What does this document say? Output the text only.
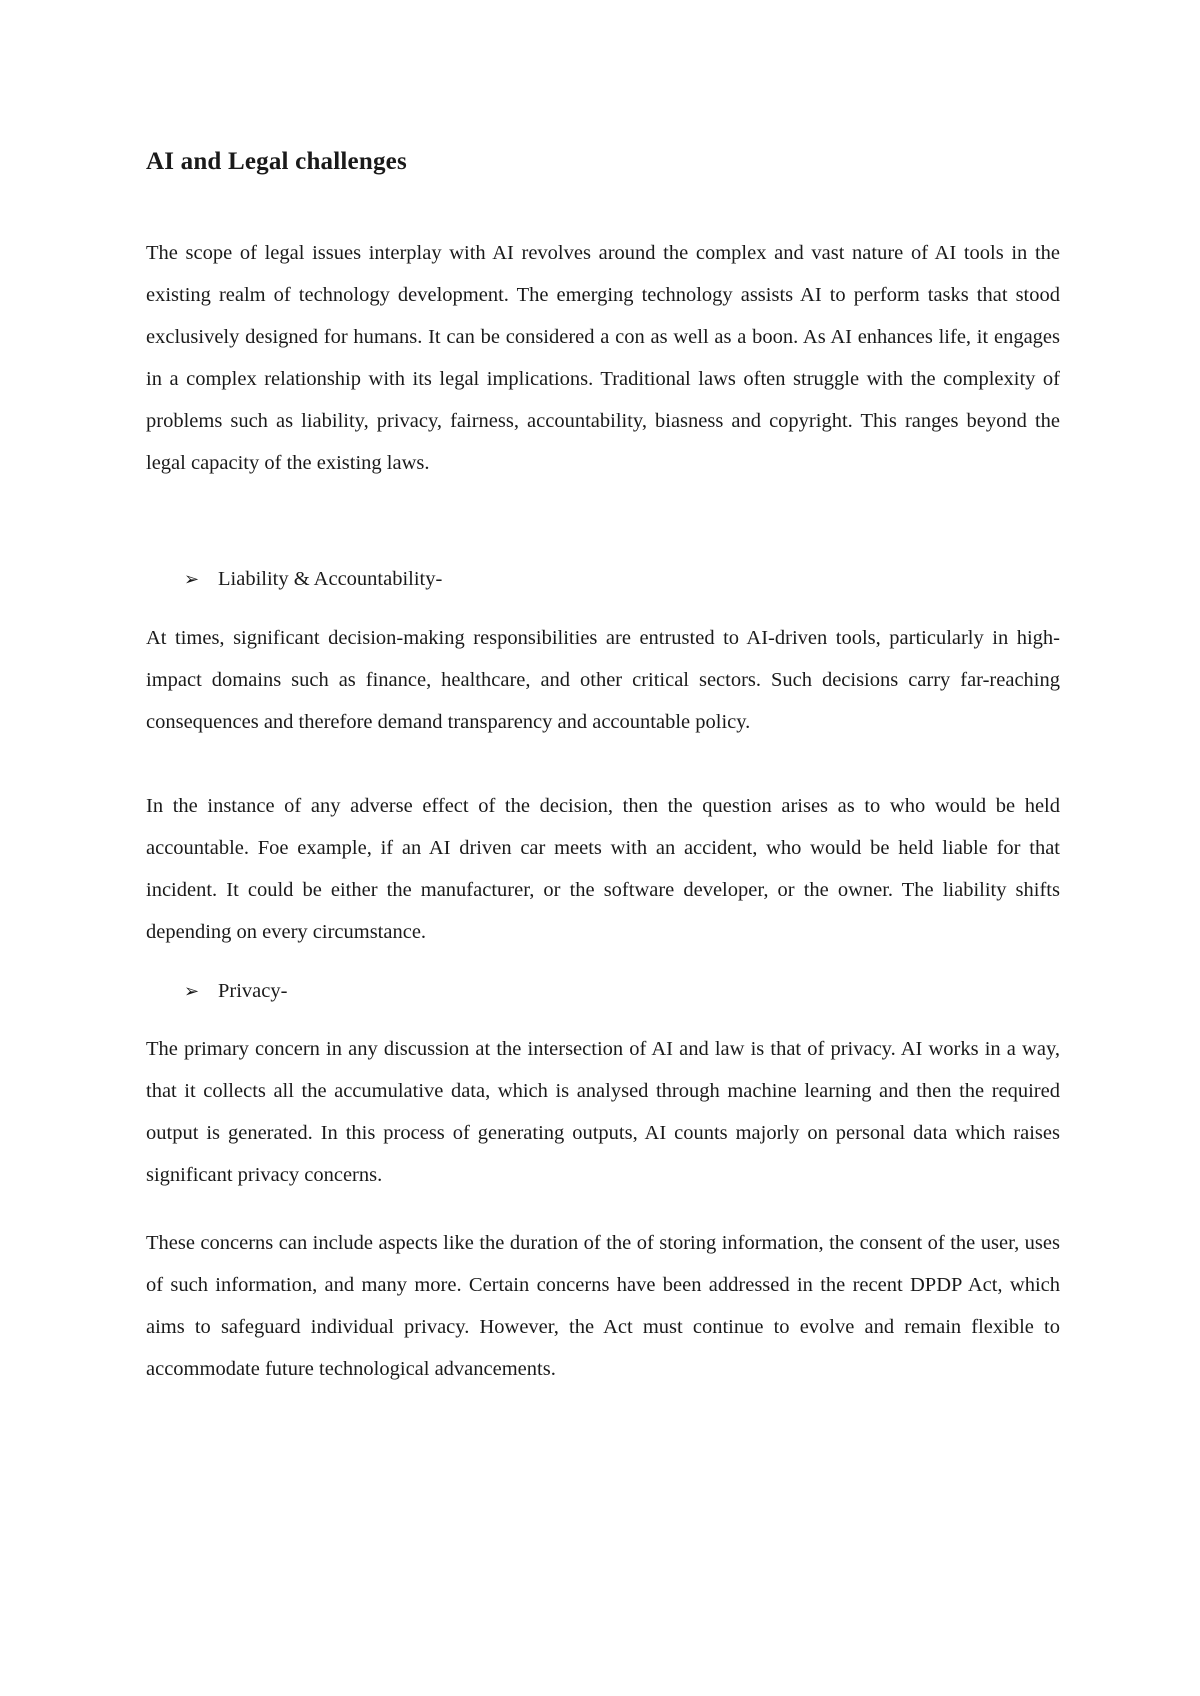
AI and Legal challenges

The scope of legal issues interplay with AI revolves around the complex and vast nature of AI tools in the existing realm of technology development. The emerging technology assists AI to perform tasks that stood exclusively designed for humans. It can be considered a con as well as a boon. As AI enhances life, it engages in a complex relationship with its legal implications. Traditional laws often struggle with the complexity of problems such as liability, privacy, fairness, accountability, biasness and copyright. This ranges beyond the legal capacity of the existing laws.

➢ Liability & Accountability-

At times, significant decision-making responsibilities are entrusted to AI-driven tools, particularly in high-impact domains such as finance, healthcare, and other critical sectors. Such decisions carry far-reaching consequences and therefore demand transparency and accountable policy.

In the instance of any adverse effect of the decision, then the question arises as to who would be held accountable. Foe example, if an AI driven car meets with an accident, who would be held liable for that incident. It could be either the manufacturer, or the software developer, or the owner. The liability shifts depending on every circumstance.

➢ Privacy-

The primary concern in any discussion at the intersection of AI and law is that of privacy. AI works in a way, that it collects all the accumulative data, which is analysed through machine learning and then the required output is generated. In this process of generating outputs, AI counts majorly on personal data which raises significant privacy concerns.

These concerns can include aspects like the duration of the of storing information, the consent of the user, uses of such information, and many more. Certain concerns have been addressed in the recent DPDP Act, which aims to safeguard individual privacy. However, the Act must continue to evolve and remain flexible to accommodate future technological advancements.
